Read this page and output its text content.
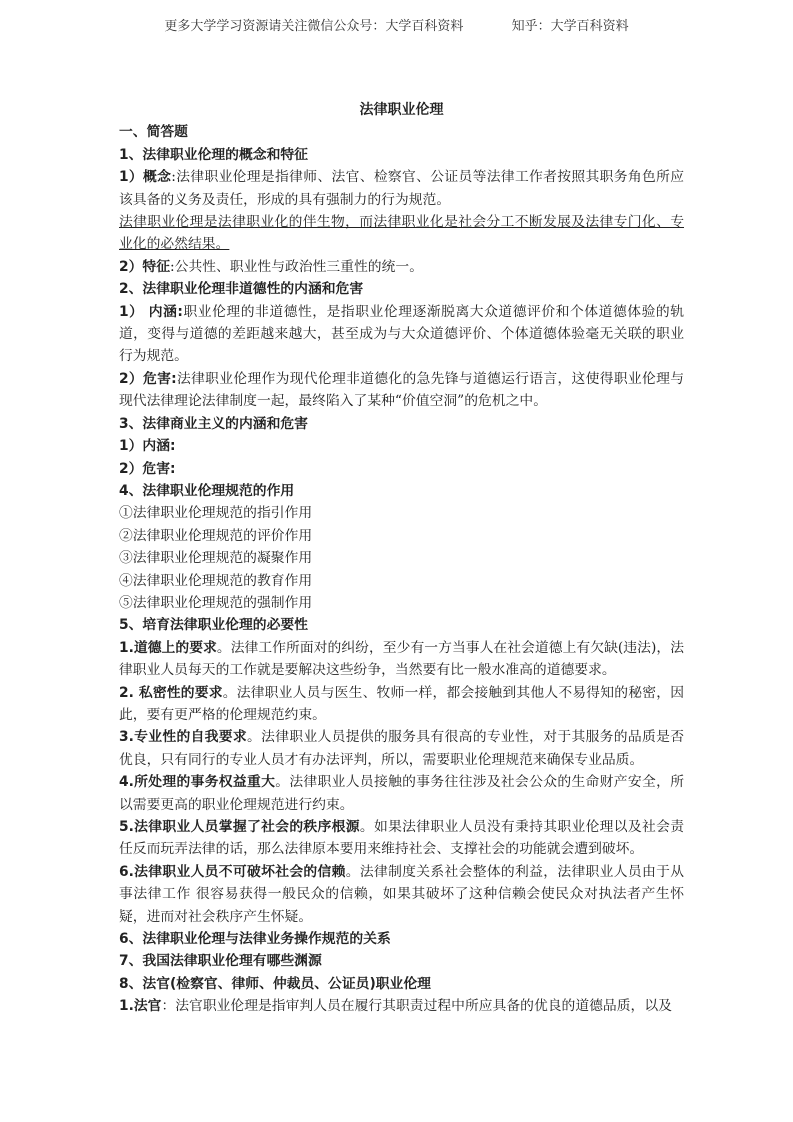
更多大学学习资源请关注微信公众号：大学百科资料	知乎：大学百科资料
法律职业伦理

一、简答题

1、法律职业伦理的概念和特征

1）概念:法律职业伦理是指律师、法官、检察官、公证员等法律工作者按照其职务角色所应该具备的义务及责任，形成的具有强制力的行为规范。

法律职业伦理是法律职业化的伴生物，而法律职业化是社会分工不断发展及法律专门化、专业化的必然结果。

2）特征:公共性、职业性与政治性三重性的统一。

2、法律职业伦理非道德性的内涵和危害

1） 内涵:职业伦理的非道德性，是指职业伦理逐渐脱离大众道德评价和个体道德体验的轨道，变得与道德的差距越来越大，甚至成为与大众道德评价、个体道德体验毫无关联的职业行为规范。

2）危害:法律职业伦理作为现代伦理非道德化的急先锋与道德运行语言，这使得职业伦理与现代法律理论法律制度一起，最终陷入了某种“价值空洞”的危机之中。

3、法律商业主义的内涵和危害

1）内涵:

2）危害:

4、法律职业伦理规范的作用

①法律职业伦理规范的指引作用

②法律职业伦理规范的评价作用

③法律职业伦理规范的凝聚作用

④法律职业伦理规范的教育作用

⑤法律职业伦理规范的强制作用

5、培育法律职业伦理的必要性

1.道德上的要求。法律工作所面对的纠纷，至少有一方当事人在社会道德上有欠缺(违法)，法律职业人员每天的工作就是要解决这些纷争，当然要有比一般水准高的道德要求。

2. 私密性的要求。法律职业人员与医生、牧师一样，都会接触到其他人不易得知的秘密，因此，要有更严格的伦理规范约束。

3.专业性的自我要求。法律职业人员提供的服务具有很高的专业性，对于其服务的品质是否优良，只有同行的专业人员才有办法评判，所以，需要职业伦理规范来确保专业品质。

4.所处理的事务权益重大。法律职业人员接触的事务往往涉及社会公众的生命财产安全，所以需要更高的职业伦理规范进行约束。

5.法律职业人员掌握了社会的秩序根源。如果法律职业人员没有秉持其职业伦理以及社会责任反而玩弄法律的话，那么法律原本要用来维持社会、支撑社会的功能就会遭到破坏。

6.法律职业人员不可破坏社会的信赖。法律制度关系社会整体的利益，法律职业人员由于从事法律工作 很容易获得一般民众的信赖，如果其破坏了这种信赖会使民众对执法者产生怀疑，进而对社会秩序产生怀疑。

6、法律职业伦理与法律业务操作规范的关系

7、我国法律职业伦理有哪些渊源

8、法官(检察官、律师、仲裁员、公证员)职业伦理

1.法官：法官职业伦理是指审判人员在履行其职责过程中所应具备的优良的道德品质，以及
